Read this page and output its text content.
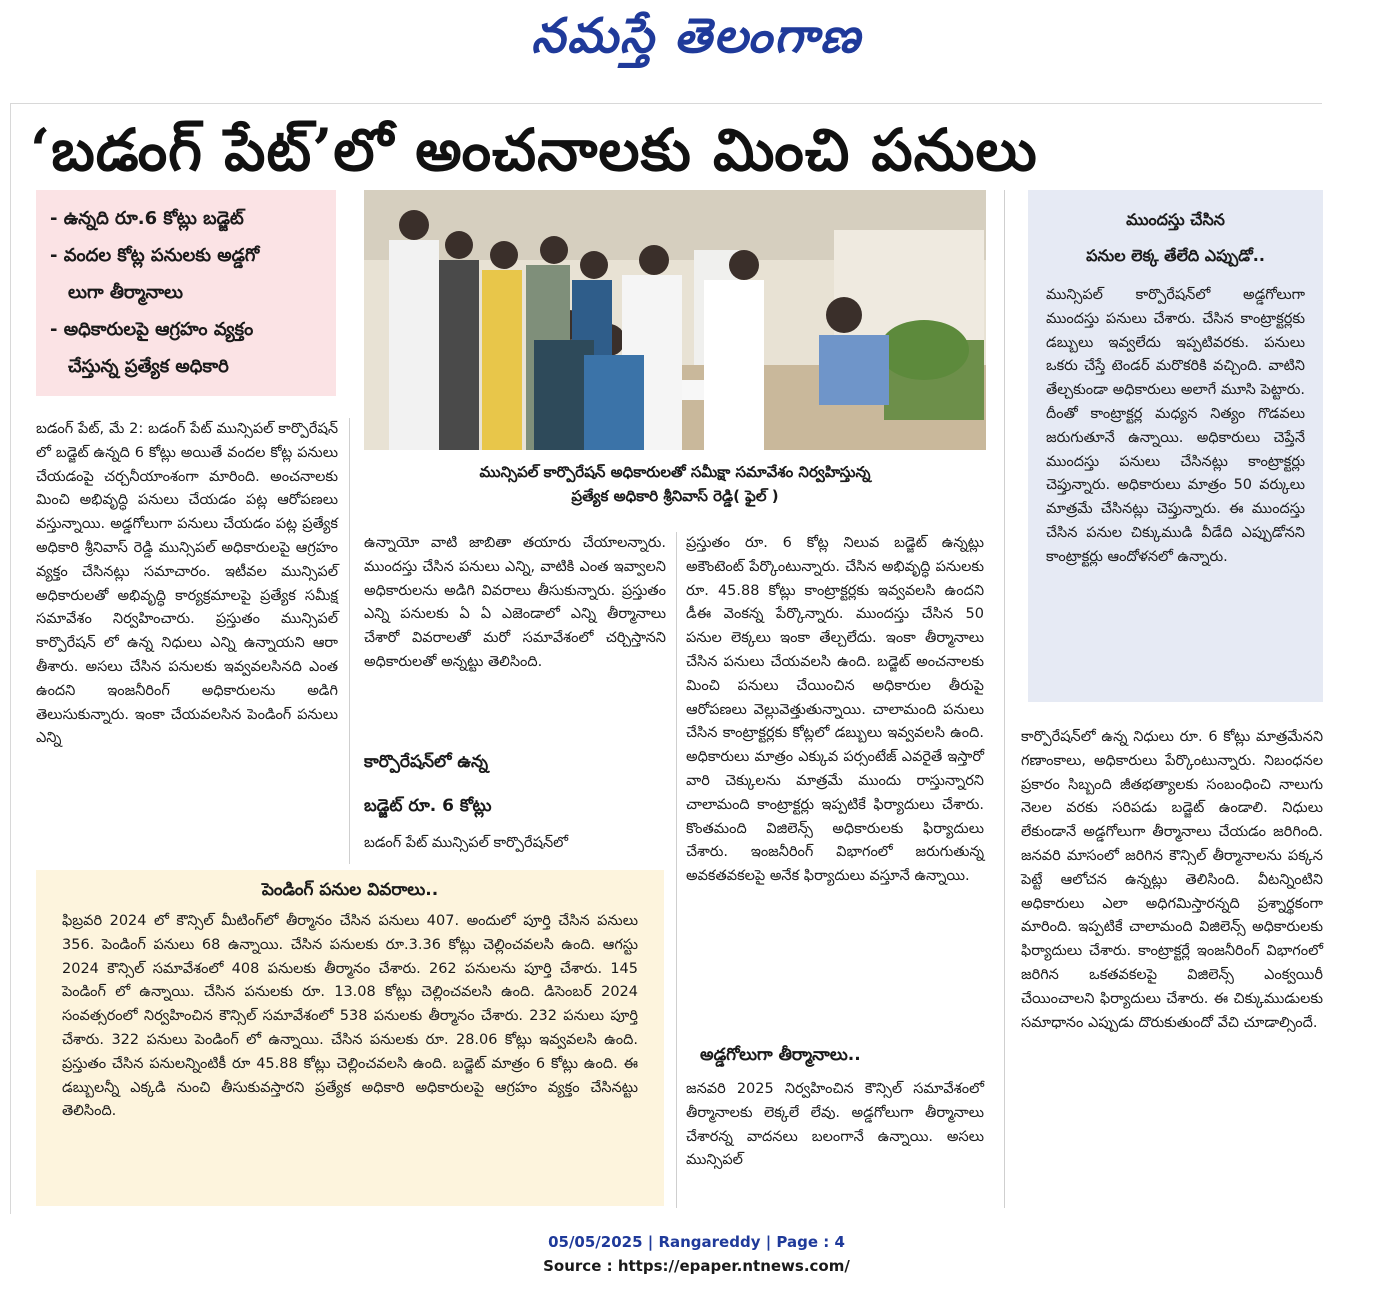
నమస్తే తెలంగాణ
‘బడంగ్ పేట్’లో అంచనాలకు మించి పనులు
- ఉన్నది రూ.6 కోట్లు బడ్జెట్
- వందల కోట్ల పనులకు అడ్డగో
లుగా తీర్మానాలు
- అధికారులపై ఆగ్రహం వ్యక్తం
చేస్తున్న ప్రత్యేక అధికారి
మున్సిపల్ కార్పొరేషన్ అధికారులతో సమీక్షా సమావేశం నిర్వహిస్తున్న
ప్రత్యేక అధికారి శ్రీనివాస్ రెడ్డి( ఫైల్ )

బడంగ్ పేట్, మే 2: బడంగ్ పేట్ మున్సిపల్ కార్పొరేషన్ లో బడ్జెట్ ఉన్నది 6 కోట్లు అయితే వందల కోట్ల పనులు చేయడంపై చర్చనీయాంశంగా మారింది. అంచనాలకు మించి అభివృద్ధి పనులు చేయడం పట్ల ఆరోపణలు వస్తున్నాయి. అడ్డగోలుగా పనులు చేయడం పట్ల ప్రత్యేక అధికారి శ్రీనివాస్ రెడ్డి మున్సిపల్ అధికారులపై ఆగ్రహం వ్యక్తం చేసినట్లు సమాచారం. ఇటీవల మున్సిపల్ అధికారులతో అభివృద్ధి కార్యక్రమాలపై ప్రత్యేక సమీక్ష సమావేశం నిర్వహించారు. ప్రస్తుతం మున్సిపల్ కార్పొరేషన్ లో ఉన్న నిధులు ఎన్ని ఉన్నాయని ఆరా తీశారు. అసలు చేసిన పనులకు ఇవ్వవలసినది ఎంత ఉందని ఇంజనీరింగ్ అధికారులను అడిగి తెలుసుకున్నారు. ఇంకా చేయవలసిన పెండింగ్ పనులు ఎన్ని

ఉన్నాయో వాటి జాబితా తయారు చేయాలన్నారు. ముందస్తు చేసిన పనులు ఎన్ని, వాటికి ఎంత ఇవ్వాలని అధికారులను అడిగి వివరాలు తీసుకున్నారు. ప్రస్తుతం ఎన్ని పనులకు ఏ ఏ ఎజెండాలో ఎన్ని తీర్మానాలు చేశారో వివరాలతో మరో సమావేశంలో చర్చిస్తానని అధికారులతో అన్నట్టు తెలిసింది.

కార్పొరేషన్‌లో ఉన్న
బడ్జెట్ రూ. 6 కోట్లు

బడంగ్ పేట్ మున్సిపల్ కార్పొరేషన్‌లో

ప్రస్తుతం రూ. 6 కోట్ల నిలువ బడ్జెట్ ఉన్నట్లు అకౌంటెంట్ పేర్కొంటున్నారు. చేసిన అభివృద్ధి పనులకు రూ. 45.88 కోట్లు కాంట్రాక్టర్లకు ఇవ్వవలసి ఉందని డీఈ వెంకన్న పేర్కొన్నారు. ముందస్తు చేసిన 50 పనుల లెక్కలు ఇంకా తేల్చలేదు. ఇంకా తీర్మానాలు చేసిన పనులు చేయవలసి ఉంది. బడ్జెట్ అంచనాలకు మించి పనులు చేయించిన అధికారుల తీరుపై ఆరోపణలు వెల్లువెత్తుతున్నాయి. చాలామంది పనులు చేసిన కాంట్రాక్టర్లకు కోట్లలో డబ్బులు ఇవ్వవలసి ఉంది. అధికారులు మాత్రం ఎక్కువ పర్సంటేజ్ ఎవరైతే ఇస్తారో వారి చెక్కులను మాత్రమే ముందు రాస్తున్నారని చాలామంది కాంట్రాక్టర్లు ఇప్పటికే ఫిర్యాదులు చేశారు. కొంతమంది విజిలెన్స్ అధికారులకు ఫిర్యాదులు చేశారు. ఇంజనీరింగ్ విభాగంలో జరుగుతున్న అవకతవకలపై అనేక ఫిర్యాదులు వస్తూనే ఉన్నాయి.

అడ్డగోలుగా తీర్మానాలు..

జనవరి 2025 నిర్వహించిన కౌన్సిల్ సమావేశంలో తీర్మానాలకు లెక్కలే లేవు. అడ్డగోలుగా తీర్మానాలు చేశారన్న వాదనలు బలంగానే ఉన్నాయి. అసలు మున్సిపల్

పెండింగ్ పనుల వివరాలు..
ఫిబ్రవరి 2024 లో కౌన్సిల్ మీటింగ్‌లో తీర్మానం చేసిన పనులు 407. అందులో పూర్తి చేసిన పనులు 356. పెండింగ్ పనులు 68 ఉన్నాయి. చేసిన పనులకు రూ.3.36 కోట్లు చెల్లించవలసి ఉంది. ఆగస్టు 2024 కౌన్సిల్ సమావేశంలో 408 పనులకు తీర్మానం చేశారు. 262 పనులను పూర్తి చేశారు. 145 పెండింగ్ లో ఉన్నాయి. చేసిన పనులకు రూ. 13.08 కోట్లు చెల్లించవలసి ఉంది. డిసెంబర్ 2024 సంవత్సరంలో నిర్వహించిన కౌన్సిల్ సమావేశంలో 538 పనులకు తీర్మానం చేశారు. 232 పనులు పూర్తి చేశారు. 322 పనులు పెండింగ్ లో ఉన్నాయి. చేసిన పనులకు రూ. 28.06 కోట్లు ఇవ్వవలసి ఉంది. ప్రస్తుతం చేసిన పనులన్నింటికీ రూ 45.88 కోట్లు చెల్లించవలసి ఉంది. బడ్జెట్ మాత్రం 6 కోట్లు ఉంది. ఈ డబ్బులన్నీ ఎక్కడి నుంచి తీసుకువస్తారని ప్రత్యేక అధికారి అధికారులపై ఆగ్రహం వ్యక్తం చేసినట్టు తెలిసింది.
ముందస్తు చేసిన
పనుల లెక్క తేలేది ఎప్పుడో..
మున్సిపల్ కార్పొరేషన్‌లో అడ్డగోలుగా ముందస్తు పనులు చేశారు. చేసిన కాంట్రాక్టర్లకు డబ్బులు ఇవ్వలేదు ఇప్పటివరకు. పనులు ఒకరు చేస్తే టెండర్ మరొకరికి వచ్చింది. వాటిని తేల్చకుండా అధికారులు అలాగే మూసి పెట్టారు. దీంతో కాంట్రాక్టర్ల మధ్యన నిత్యం గొడవలు జరుగుతూనే ఉన్నాయి. అధికారులు చెప్తేనే ముందస్తు పనులు చేసినట్లు కాంట్రాక్టర్లు చెప్తున్నారు. అధికారులు మాత్రం 50 వర్కులు మాత్రమే చేసినట్లు చెప్తున్నారు. ఈ ముందస్తు చేసిన పనుల చిక్కుముడి వీడేది ఎప్పుడోనని కాంట్రాక్టర్లు ఆందోళనలో ఉన్నారు.

కార్పొరేషన్‌లో ఉన్న నిధులు రూ. 6 కోట్లు మాత్రమేనని గణాంకాలు, అధికారులు పేర్కొంటున్నారు. నిబంధనల ప్రకారం సిబ్బంది జీతభత్యాలకు సంబంధించి నాలుగు నెలల వరకు సరిపడు బడ్జెట్ ఉండాలి. నిధులు లేకుండానే అడ్డగోలుగా తీర్మానాలు చేయడం జరిగింది. జనవరి మాసంలో జరిగిన కౌన్సిల్ తీర్మానాలను పక్కన పెట్టే ఆలోచన ఉన్నట్లు తెలిసింది. వీటన్నింటిని అధికారులు ఎలా అధిగమిస్తారన్నది ప్రశ్నార్థకంగా మారింది. ఇప్పటికే చాలామంది విజిలెన్స్ అధికారులకు ఫిర్యాదులు చేశారు. కాంట్రాక్టర్లే ఇంజనీరింగ్ విభాగంలో జరిగిన ఒకతవకలపై విజిలెన్స్ ఎంక్వయిరీ చేయించాలని ఫిర్యాదులు చేశారు. ఈ చిక్కుముడులకు సమాధానం ఎప్పుడు దొరుకుతుందో వేచి చూడాల్సిందే.

05/05/2025 | Rangareddy | Page : 4
Source : https://epaper.ntnews.com/
